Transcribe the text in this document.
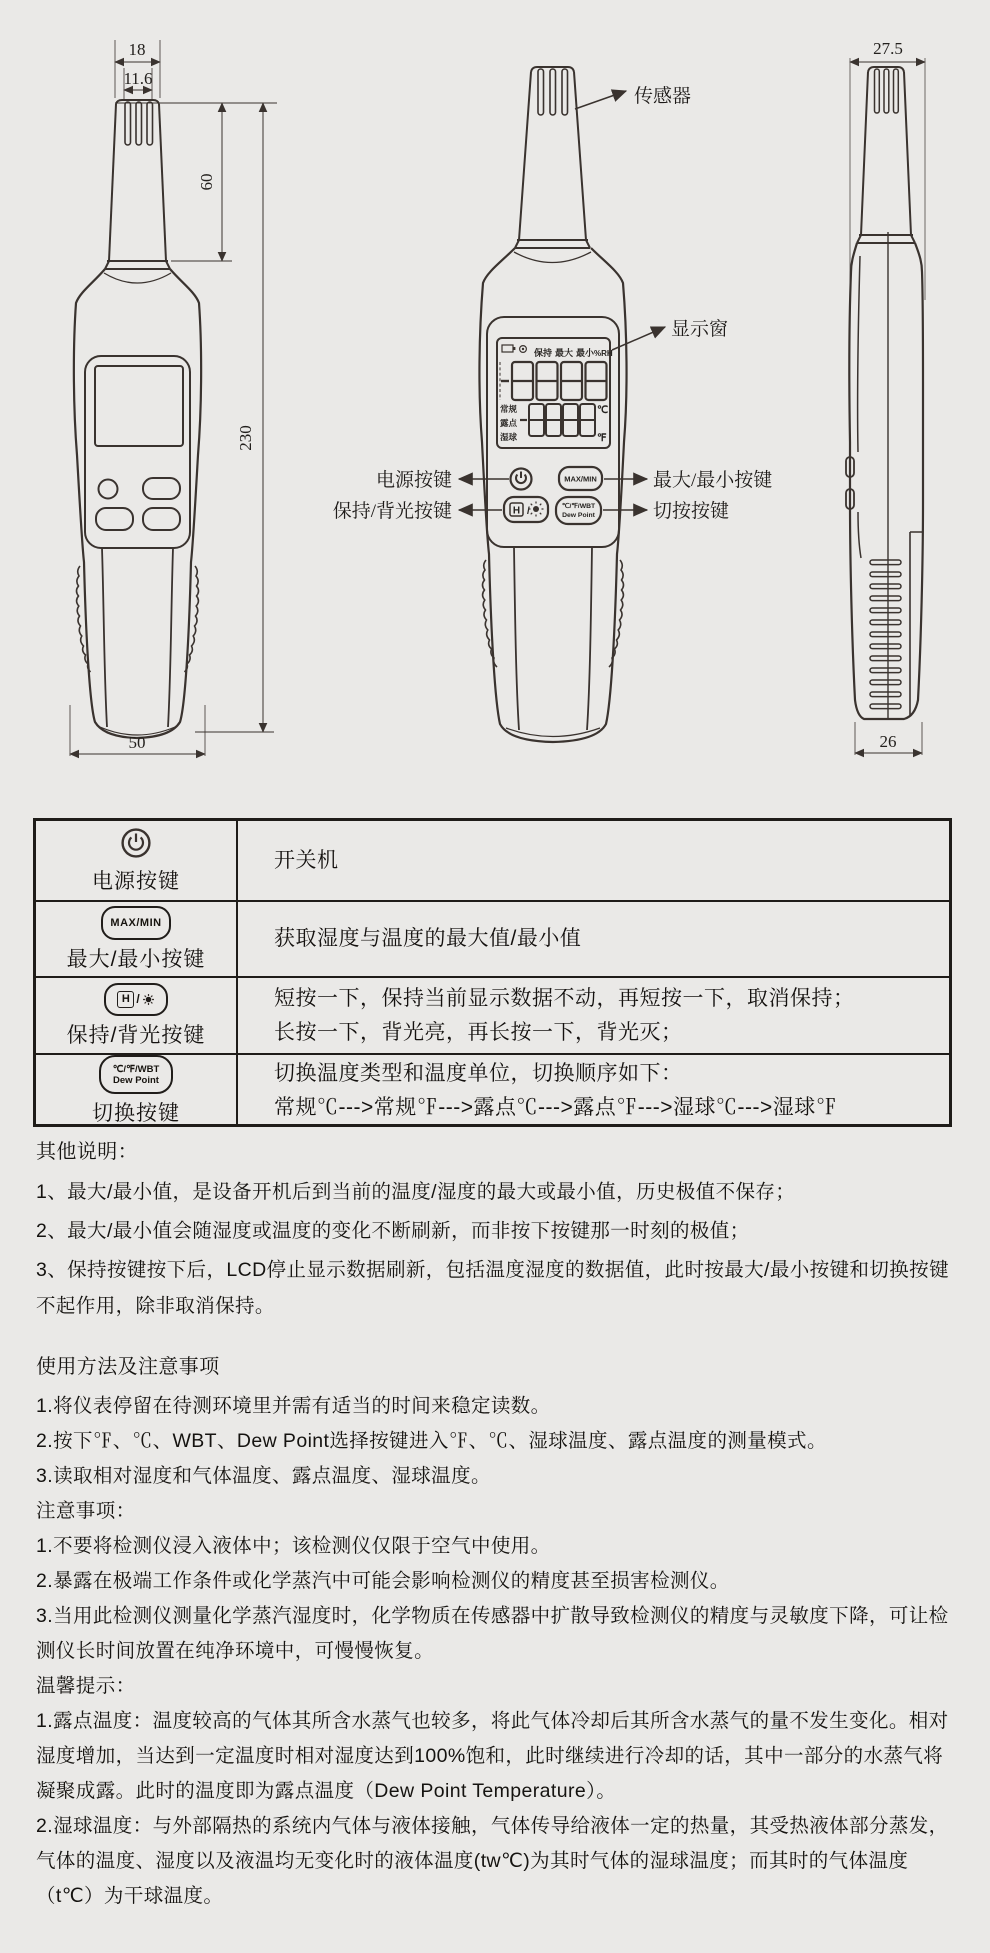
18
11.6
60
230
50
保持 最大 最小 %RH
常规
露点
湿球
℃
℉
MAX/MIN
H /	℃/℉/WBT
Dew Point
传感器
显示窗
电源按键
保持/背光按键
最大/最小按键
切按按键
27.5
26
电源按键
开关机
MAX/MIN
最大/最小按键
获取湿度与温度的最大值/最小值
H /
保持/背光按键
短按一下，保持当前显示数据不动，再短按一下，取消保持；
长按一下，背光亮，再长按一下，背光灭；
℃/℉/WBT
Dew Point
切换按键
切换温度类型和温度单位，切换顺序如下：
常规℃--->常规℉--->露点℃--->露点℉--->湿球℃--->湿球℉
其他说明：

1、最大/最小值，是设备开机后到当前的温度/湿度的最大或最小值，历史极值不保存；

2、最大/最小值会随湿度或温度的变化不断刷新，而非按下按键那一时刻的极值；

3、保持按键按下后，LCD停止显示数据刷新，包括温度湿度的数据值，此时按最大/最小按键和切换按键不起作用，除非取消保持。

使用方法及注意事项

1.将仪表停留在待测环境里并需有适当的时间来稳定读数。

2.按下℉、℃、WBT、Dew Point选择按键进入℉、℃、湿球温度、露点温度的测量模式。

3.读取相对湿度和气体温度、露点温度、湿球温度。

注意事项：

1.不要将检测仪浸入液体中；该检测仪仅限于空气中使用。

2.暴露在极端工作条件或化学蒸汽中可能会影响检测仪的精度甚至损害检测仪。

3.当用此检测仪测量化学蒸汽湿度时，化学物质在传感器中扩散导致检测仪的精度与灵敏度下降，可让检测仪长时间放置在纯净环境中，可慢慢恢复。

温馨提示：

1.露点温度：温度较高的气体其所含水蒸气也较多，将此气体冷却后其所含水蒸气的量不发生变化。相对湿度增加，当达到一定温度时相对湿度达到100%饱和，此时继续进行冷却的话，其中一部分的水蒸气将凝聚成露。此时的温度即为露点温度（Dew Point Temperature）。

2.湿球温度：与外部隔热的系统内气体与液体接触，气体传导给液体一定的热量，其受热液体部分蒸发，气体的温度、湿度以及液温均无变化时的液体温度(tw℃)为其时气体的湿球温度；而其时的气体温度（t℃）为干球温度。
